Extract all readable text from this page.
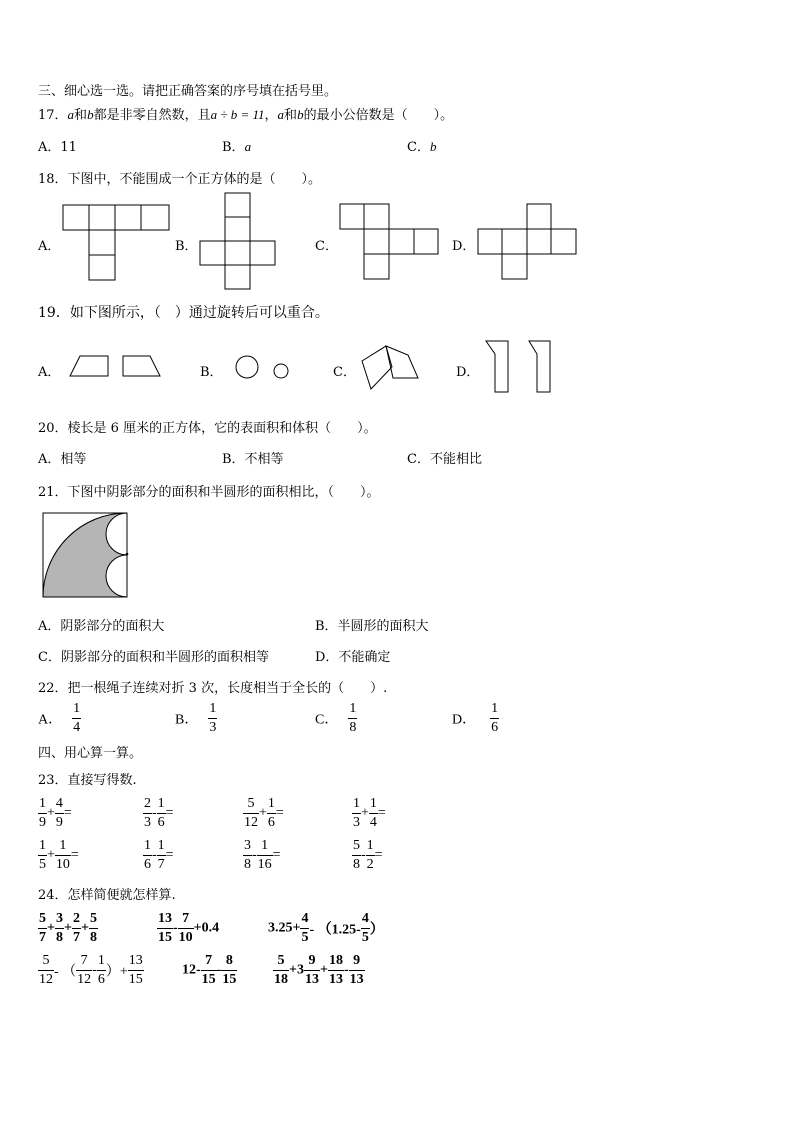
三、细心选一选。请把正确答案的序号填在括号里。
17．a和b都是非零自然数，且a ÷ b = 11，a和b的最小公倍数是（　　）。
A．11	B．a	C．b
18．下图中，不能围成一个正方体的是（　　）。
A．	B．	C．	D．
19．如下图所示，（　）通过旋转后可以重合。
A．	B．	C．	D．
20．棱长是 6 厘米的正方体，它的表面积和体积（　　）。
A．相等	B．不相等	C．不能相比
21．下图中阴影部分的面积和半圆形的面积相比，（　　）。
A．阴影部分的面积大	B．半圆形的面积大
C．阴影部分的面积和半圆形的面积相等	D．不能确定
22．把一根绳子连续对折 3 次，长度相当于全长的（　　）.
A． $\frac{1}{4}$	B． $\frac{1}{3}$	C． $\frac{1}{8}$	D． $\frac{1}{6}$
四、用心算一算。
23．直接写得数.
$\frac{1}{9} + \frac{4}{9}$ =	$\frac{2}{3} - \frac{1}{6}$ =	$\frac{5}{12} + \frac{1}{6}$ =	$\frac{1}{3} + \frac{1}{4}$ =
$\frac{1}{5} + \frac{1}{10}$ =	$\frac{1}{6} - \frac{1}{7}$ =	$\frac{3}{8} - \frac{1}{16}$ =	$\frac{5}{8} - \frac{1}{2}$ =
24．怎样简便就怎样算.
$\frac{5}{7} + \frac{3}{8} + \frac{2}{7} + \frac{5}{8}$	$\frac{13}{15} - \frac{7}{10} +0.4$	$3.25+ \frac{4}{5} - (1.25- \frac{4}{5}$ ）
$\frac{5}{12}$ - （ $\frac{7}{12} - \frac{1}{6}$ ）+ $\frac{13}{15}$	$12- \frac{7}{15} - \frac{8}{15}$	$\frac{5}{18} +3 \frac{9}{13} + \frac{18}{13} - \frac{9}{13}$
